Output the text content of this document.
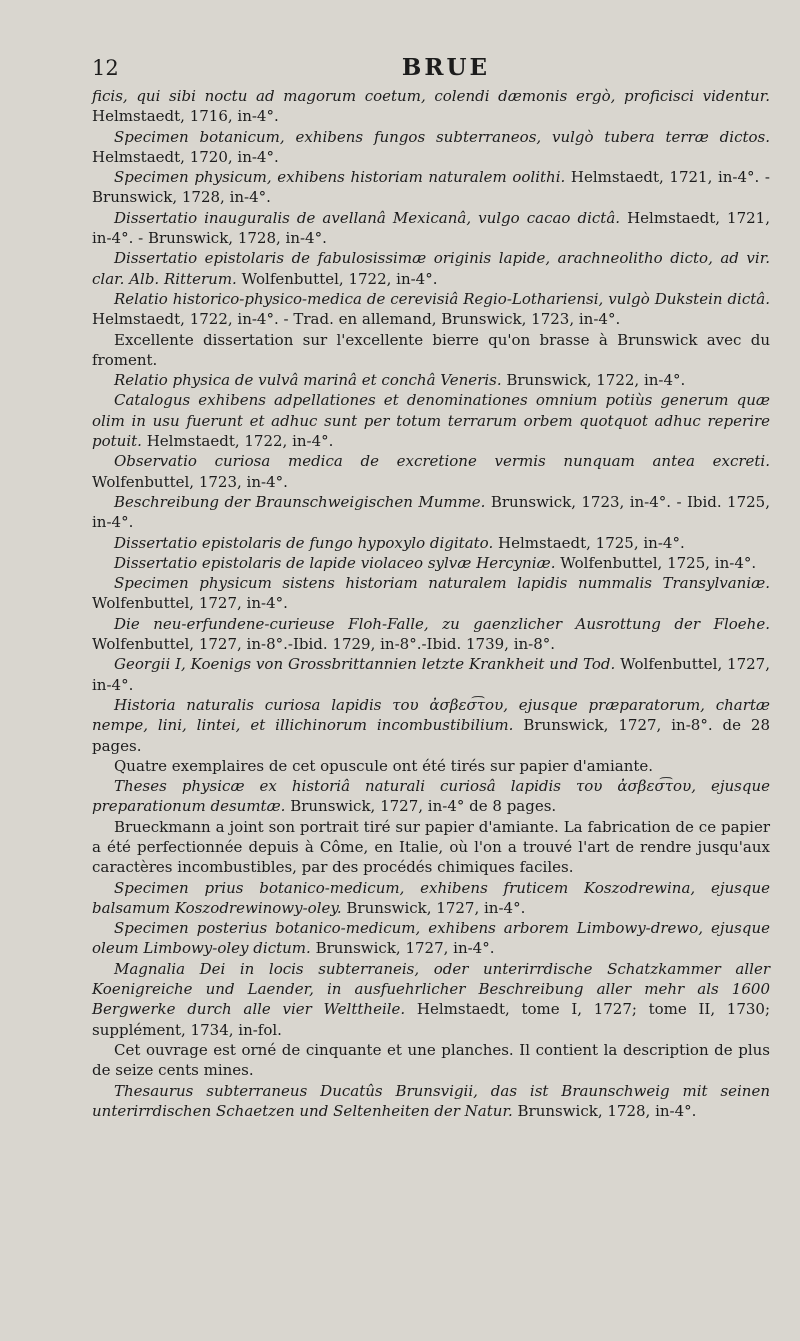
12	BRUE

ficis, qui sibi noctu ad magorum coetum, colendi dæmonis ergò, proficisci videntur. Helmstaedt, 1716, in-4°.

Specimen botanicum, exhibens fungos subterraneos, vulgò tubera terræ dictos. Helmstaedt, 1720, in-4°.

Specimen physicum, exhibens historiam naturalem oolithi. Helmstaedt, 1721, in-4°. - Brunswick, 1728, in-4°.

Dissertatio inauguralis de avellanâ Mexicanâ, vulgo cacao dictâ. Helmstaedt, 1721, in-4°. - Brunswick, 1728, in-4°.

Dissertatio epistolaris de fabulosissimæ originis lapide, arachneolitho dicto, ad vir. clar. Alb. Ritterum. Wolfenbuttel, 1722, in-4°.

Relatio historico-physico-medica de cerevisiâ Regio-Lothariensi, vulgò Dukstein dictâ. Helmstaedt, 1722, in-4°. - Trad. en allemand, Brunswick, 1723, in-4°.

Excellente dissertation sur l'excellente bierre qu'on brasse à Brunswick avec du froment.

Relatio physica de vulvâ marinâ et conchâ Veneris. Brunswick, 1722, in-4°.

Catalogus exhibens adpellationes et denominationes omnium potiùs generum quæ olim in usu fuerunt et adhuc sunt per totum terrarum orbem quotquot adhuc reperire potuit. Helmstaedt, 1722, in-4°.

Observatio curiosa medica de excretione vermis nunquam antea excreti. Wolfenbuttel, 1723, in-4°.

Beschreibung der Braunschweigischen Mumme. Brunswick, 1723, in-4°. - Ibid. 1725, in-4°.

Dissertatio epistolaris de fungo hypoxylo digitato. Helmstaedt, 1725, in-4°.

Dissertatio epistolaris de lapide violaceo sylvæ Hercyniæ. Wolfenbuttel, 1725, in-4°.

Specimen physicum sistens historiam naturalem lapidis nummalis Transylvaniæ. Wolfenbuttel, 1727, in-4°.

Die neu-erfundene-curieuse Floh-Falle, zu gaenzlicher Ausrottung der Floehe. Wolfenbuttel, 1727, in-8°.-Ibid. 1729, in-8°.-Ibid. 1739, in-8°.

Georgii I, Koenigs von Grossbrittannien letzte Krankheit und Tod. Wolfenbuttel, 1727, in-4°.

Historia naturalis curiosa lapidis του ἀσβεσ͡του, ejusque præparatorum, chartæ nempe, lini, lintei, et illichinorum incombustibilium. Brunswick, 1727, in-8°. de 28 pages.

Quatre exemplaires de cet opuscule ont été tirés sur papier d'amiante.

Theses physicæ ex historiâ naturali curiosâ lapidis του ἀσβεσ͡του, ejusque preparationum desumtæ. Brunswick, 1727, in-4° de 8 pages.

Brueckmann a joint son portrait tiré sur papier d'amiante. La fabrication de ce papier a été perfectionnée depuis à Côme, en Italie, où l'on a trouvé l'art de rendre jusqu'aux caractères incombustibles, par des procédés chimiques faciles.

Specimen prius botanico-medicum, exhibens fruticem Koszodrewina, ejusque balsamum Koszodrewinowy-oley. Brunswick, 1727, in-4°.

Specimen posterius botanico-medicum, exhibens arborem Limbowy-drewo, ejusque oleum Limbowy-oley dictum. Brunswick, 1727, in-4°.

Magnalia Dei in locis subterraneis, oder unterirrdische Schatzkammer aller Koenigreiche und Laender, in ausfuehrlicher Beschreibung aller mehr als 1600 Bergwerke durch alle vier Welttheile. Helmstaedt, tome I, 1727; tome II, 1730; supplément, 1734, in-fol.

Cet ouvrage est orné de cinquante et une planches. Il contient la description de plus de seize cents mines.

Thesaurus subterraneus Ducatûs Brunsvigii, das ist Braunschweig mit seinen unterirrdischen Schaetzen und Seltenheiten der Natur. Brunswick, 1728, in-4°.
